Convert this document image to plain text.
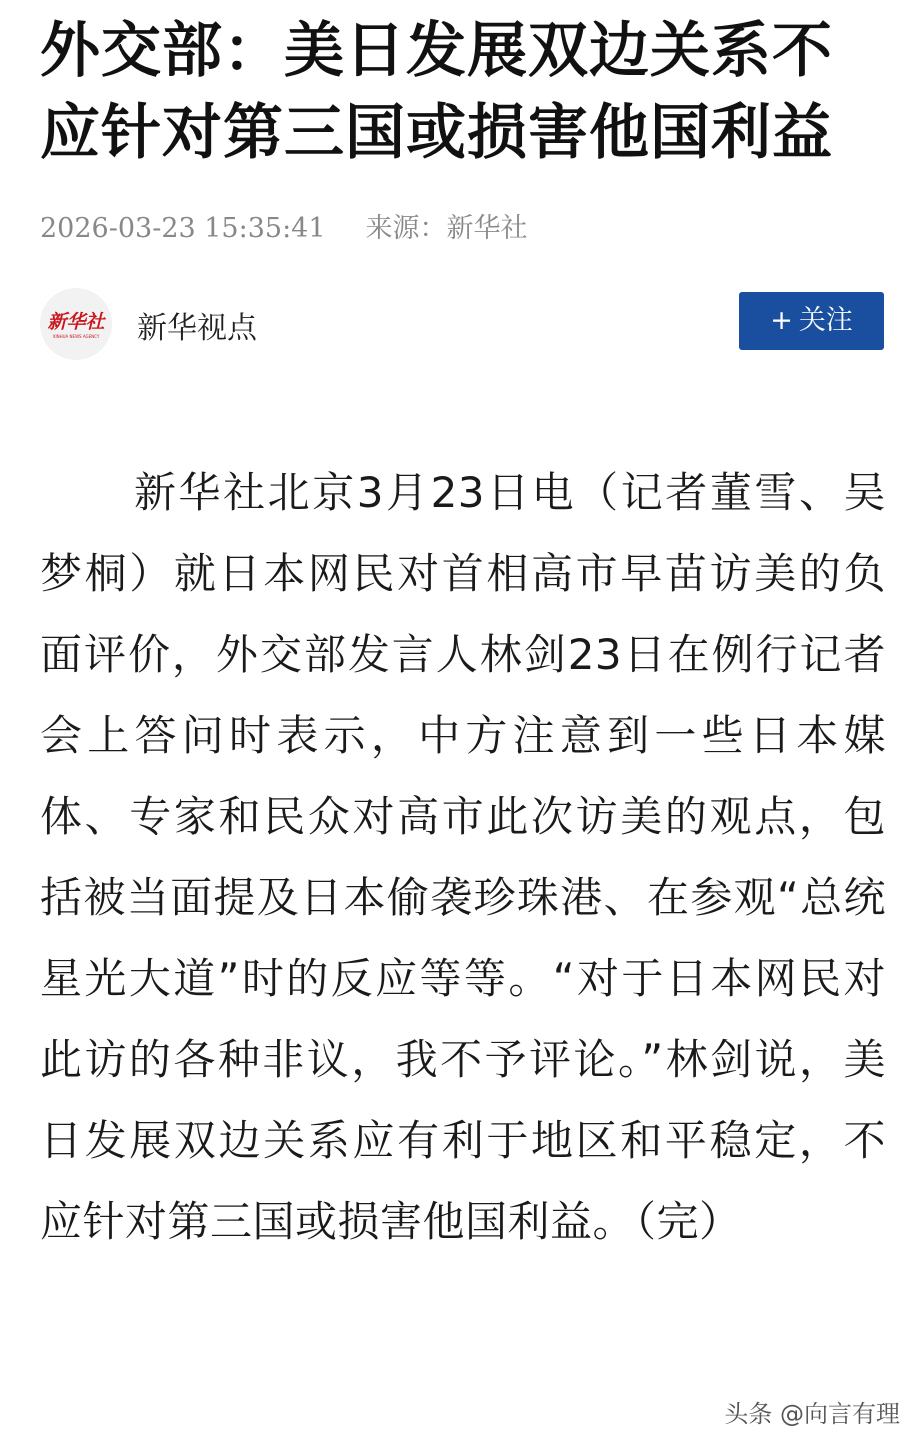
外交部：美日发展双边关系不应针对第三国或损害他国利益
2026-03-23 15:35:41 来源：新华社
新华社
XINHUA NEWS AGENCY 新华视点	+ 关注

新华社北京3月23日电（记者董雪、吴梦桐）就日本网民对首相高市早苗访美的负面评价，外交部发言人林剑23日在例行记者会上答问时表示，中方注意到一些日本媒体、专家和民众对高市此次访美的观点，包括被当面提及日本偷袭珍珠港、在参观“总统星光大道”时的反应等等。“对于日本网民对此访的各种非议，我不予评论。”林剑说，美日发展双边关系应有利于地区和平稳定，不应针对第三国或损害他国利益。（完）

头条 @向言有理
